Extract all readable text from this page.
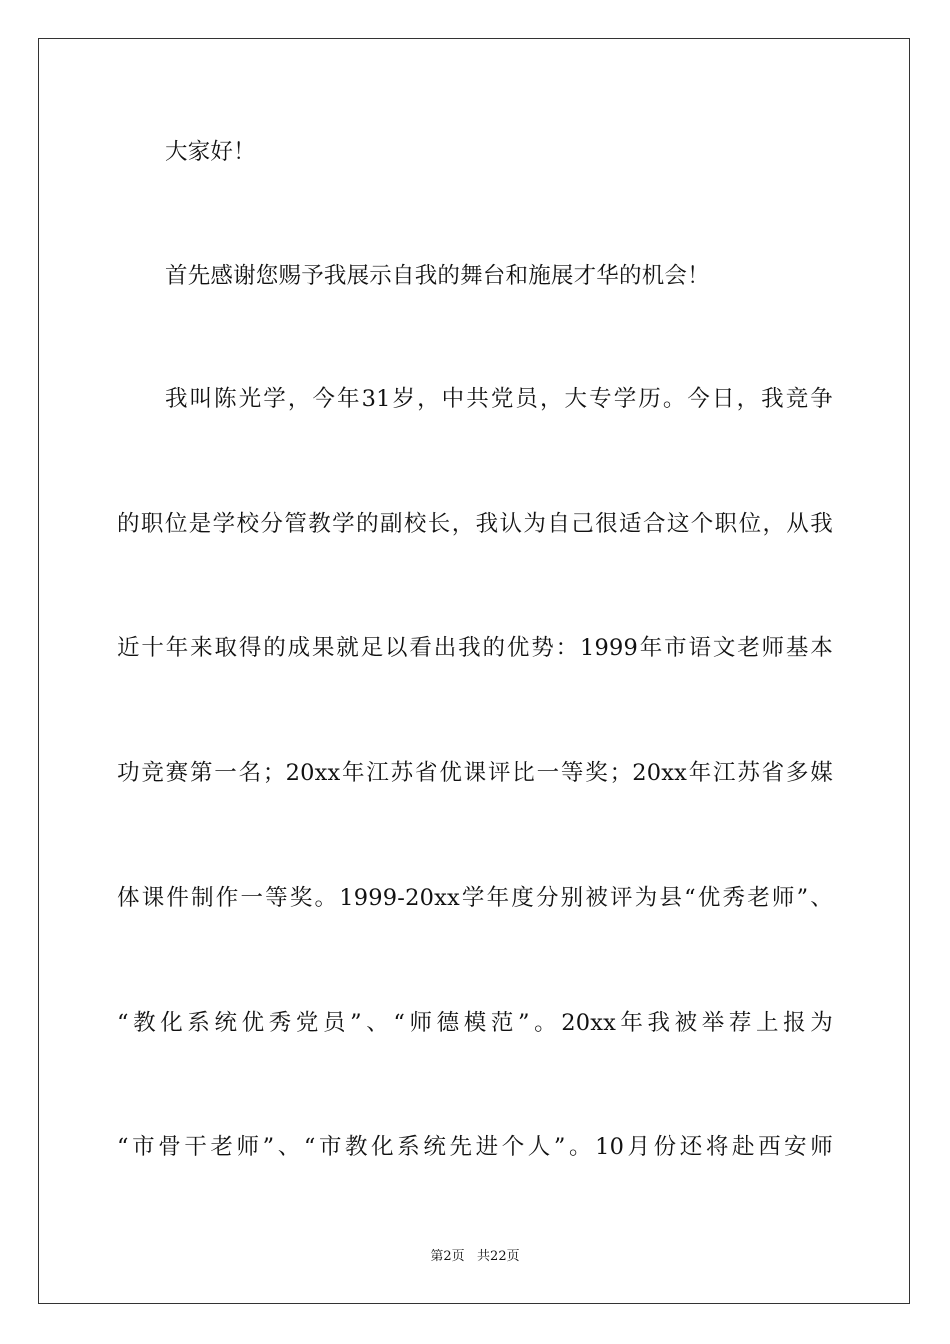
大家好！
首先感谢您赐予我展示自我的舞台和施展才华的机会！
我叫陈光学，今年31岁，中共党员，大专学历。今日，我竞争
的职位是学校分管教学的副校长，我认为自己很适合这个职位，从我
近十年来取得的成果就足以看出我的优势：1999年市语文老师基本
功竞赛第一名；20xx年江苏省优课评比一等奖；20xx年江苏省多媒
体课件制作一等奖。1999-20xx学年度分别被评为县“优秀老师”、
“教化系统优秀党员”、“师德模范”。20xx年我被举荐上报为
“市骨干老师”、“市教化系统先进个人”。10月份还将赴西安师
第2页   共22页
